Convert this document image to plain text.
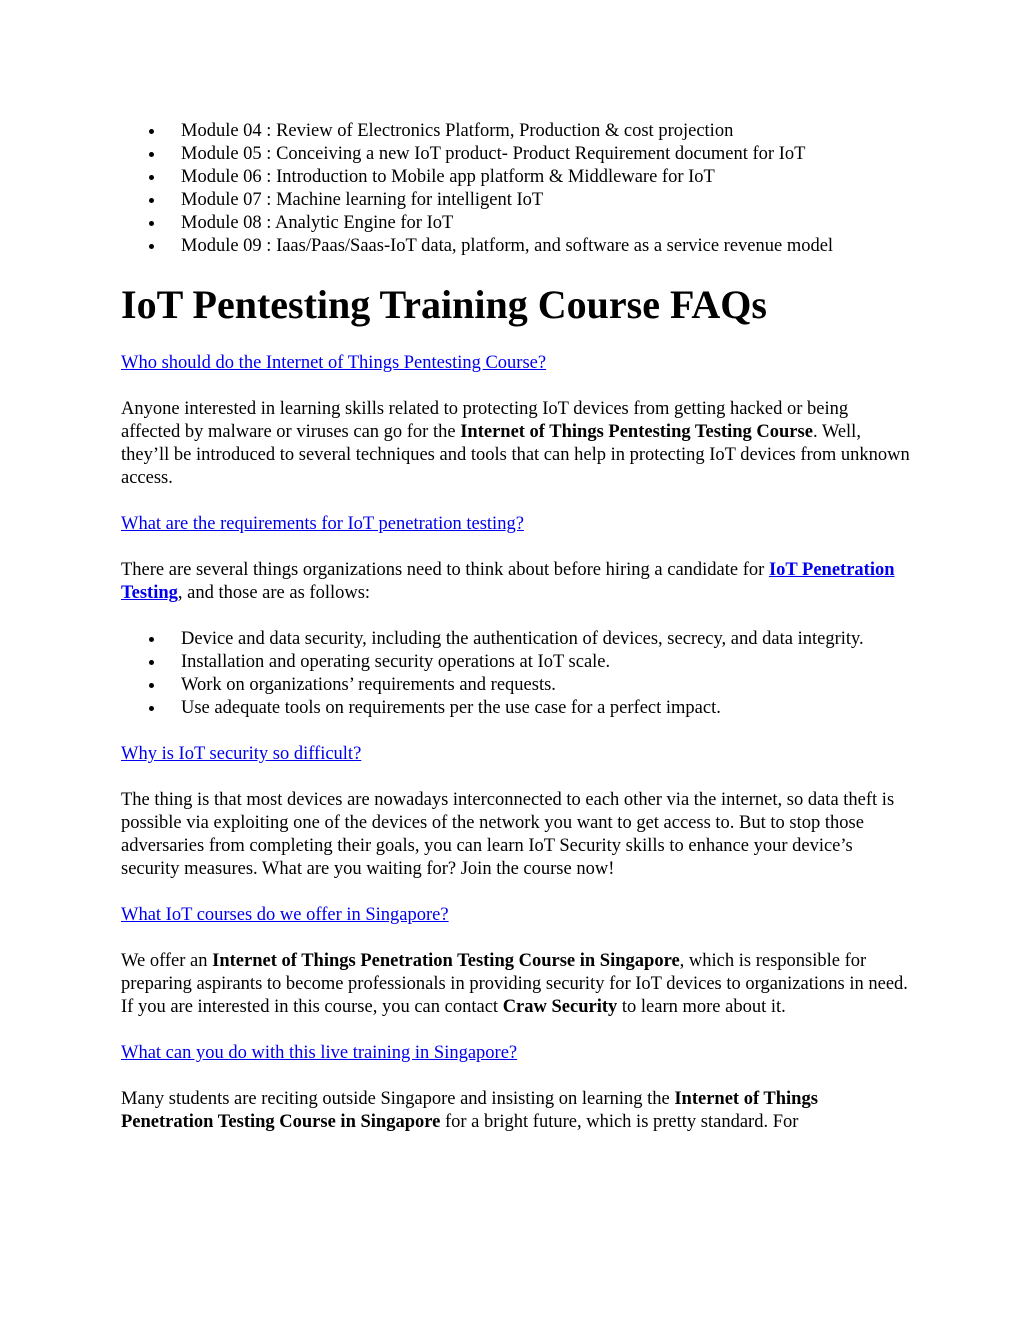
Module 04 : Review of Electronics Platform, Production & cost projection
Module 05 : Conceiving a new IoT product- Product Requirement document for IoT
Module 06 : Introduction to Mobile app platform & Middleware for IoT
Module 07 : Machine learning for intelligent IoT
Module 08 : Analytic Engine for IoT
Module 09 : Iaas/Paas/Saas-IoT data, platform, and software as a service revenue model
IoT Pentesting Training Course FAQs

Who should do the Internet of Things Pentesting Course?

Anyone interested in learning skills related to protecting IoT devices from getting hacked or being affected by malware or viruses can go for the Internet of Things Pentesting Testing Course. Well, they’ll be introduced to several techniques and tools that can help in protecting IoT devices from unknown access.

What are the requirements for IoT penetration testing?

There are several things organizations need to think about before hiring a candidate for IoT Penetration Testing, and those are as follows:

Device and data security, including the authentication of devices, secrecy, and data integrity.
Installation and operating security operations at IoT scale.
Work on organizations’ requirements and requests.
Use adequate tools on requirements per the use case for a perfect impact.

Why is IoT security so difficult?

The thing is that most devices are nowadays interconnected to each other via the internet, so data theft is possible via exploiting one of the devices of the network you want to get access to. But to stop those adversaries from completing their goals, you can learn IoT Security skills to enhance your device’s security measures. What are you waiting for? Join the course now!

What IoT courses do we offer in Singapore?

We offer an Internet of Things Penetration Testing Course in Singapore, which is responsible for preparing aspirants to become professionals in providing security for IoT devices to organizations in need. If you are interested in this course, you can contact Craw Security to learn more about it.

What can you do with this live training in Singapore?

Many students are reciting outside Singapore and insisting on learning the Internet of Things Penetration Testing Course in Singapore for a bright future, which is pretty standard. For
